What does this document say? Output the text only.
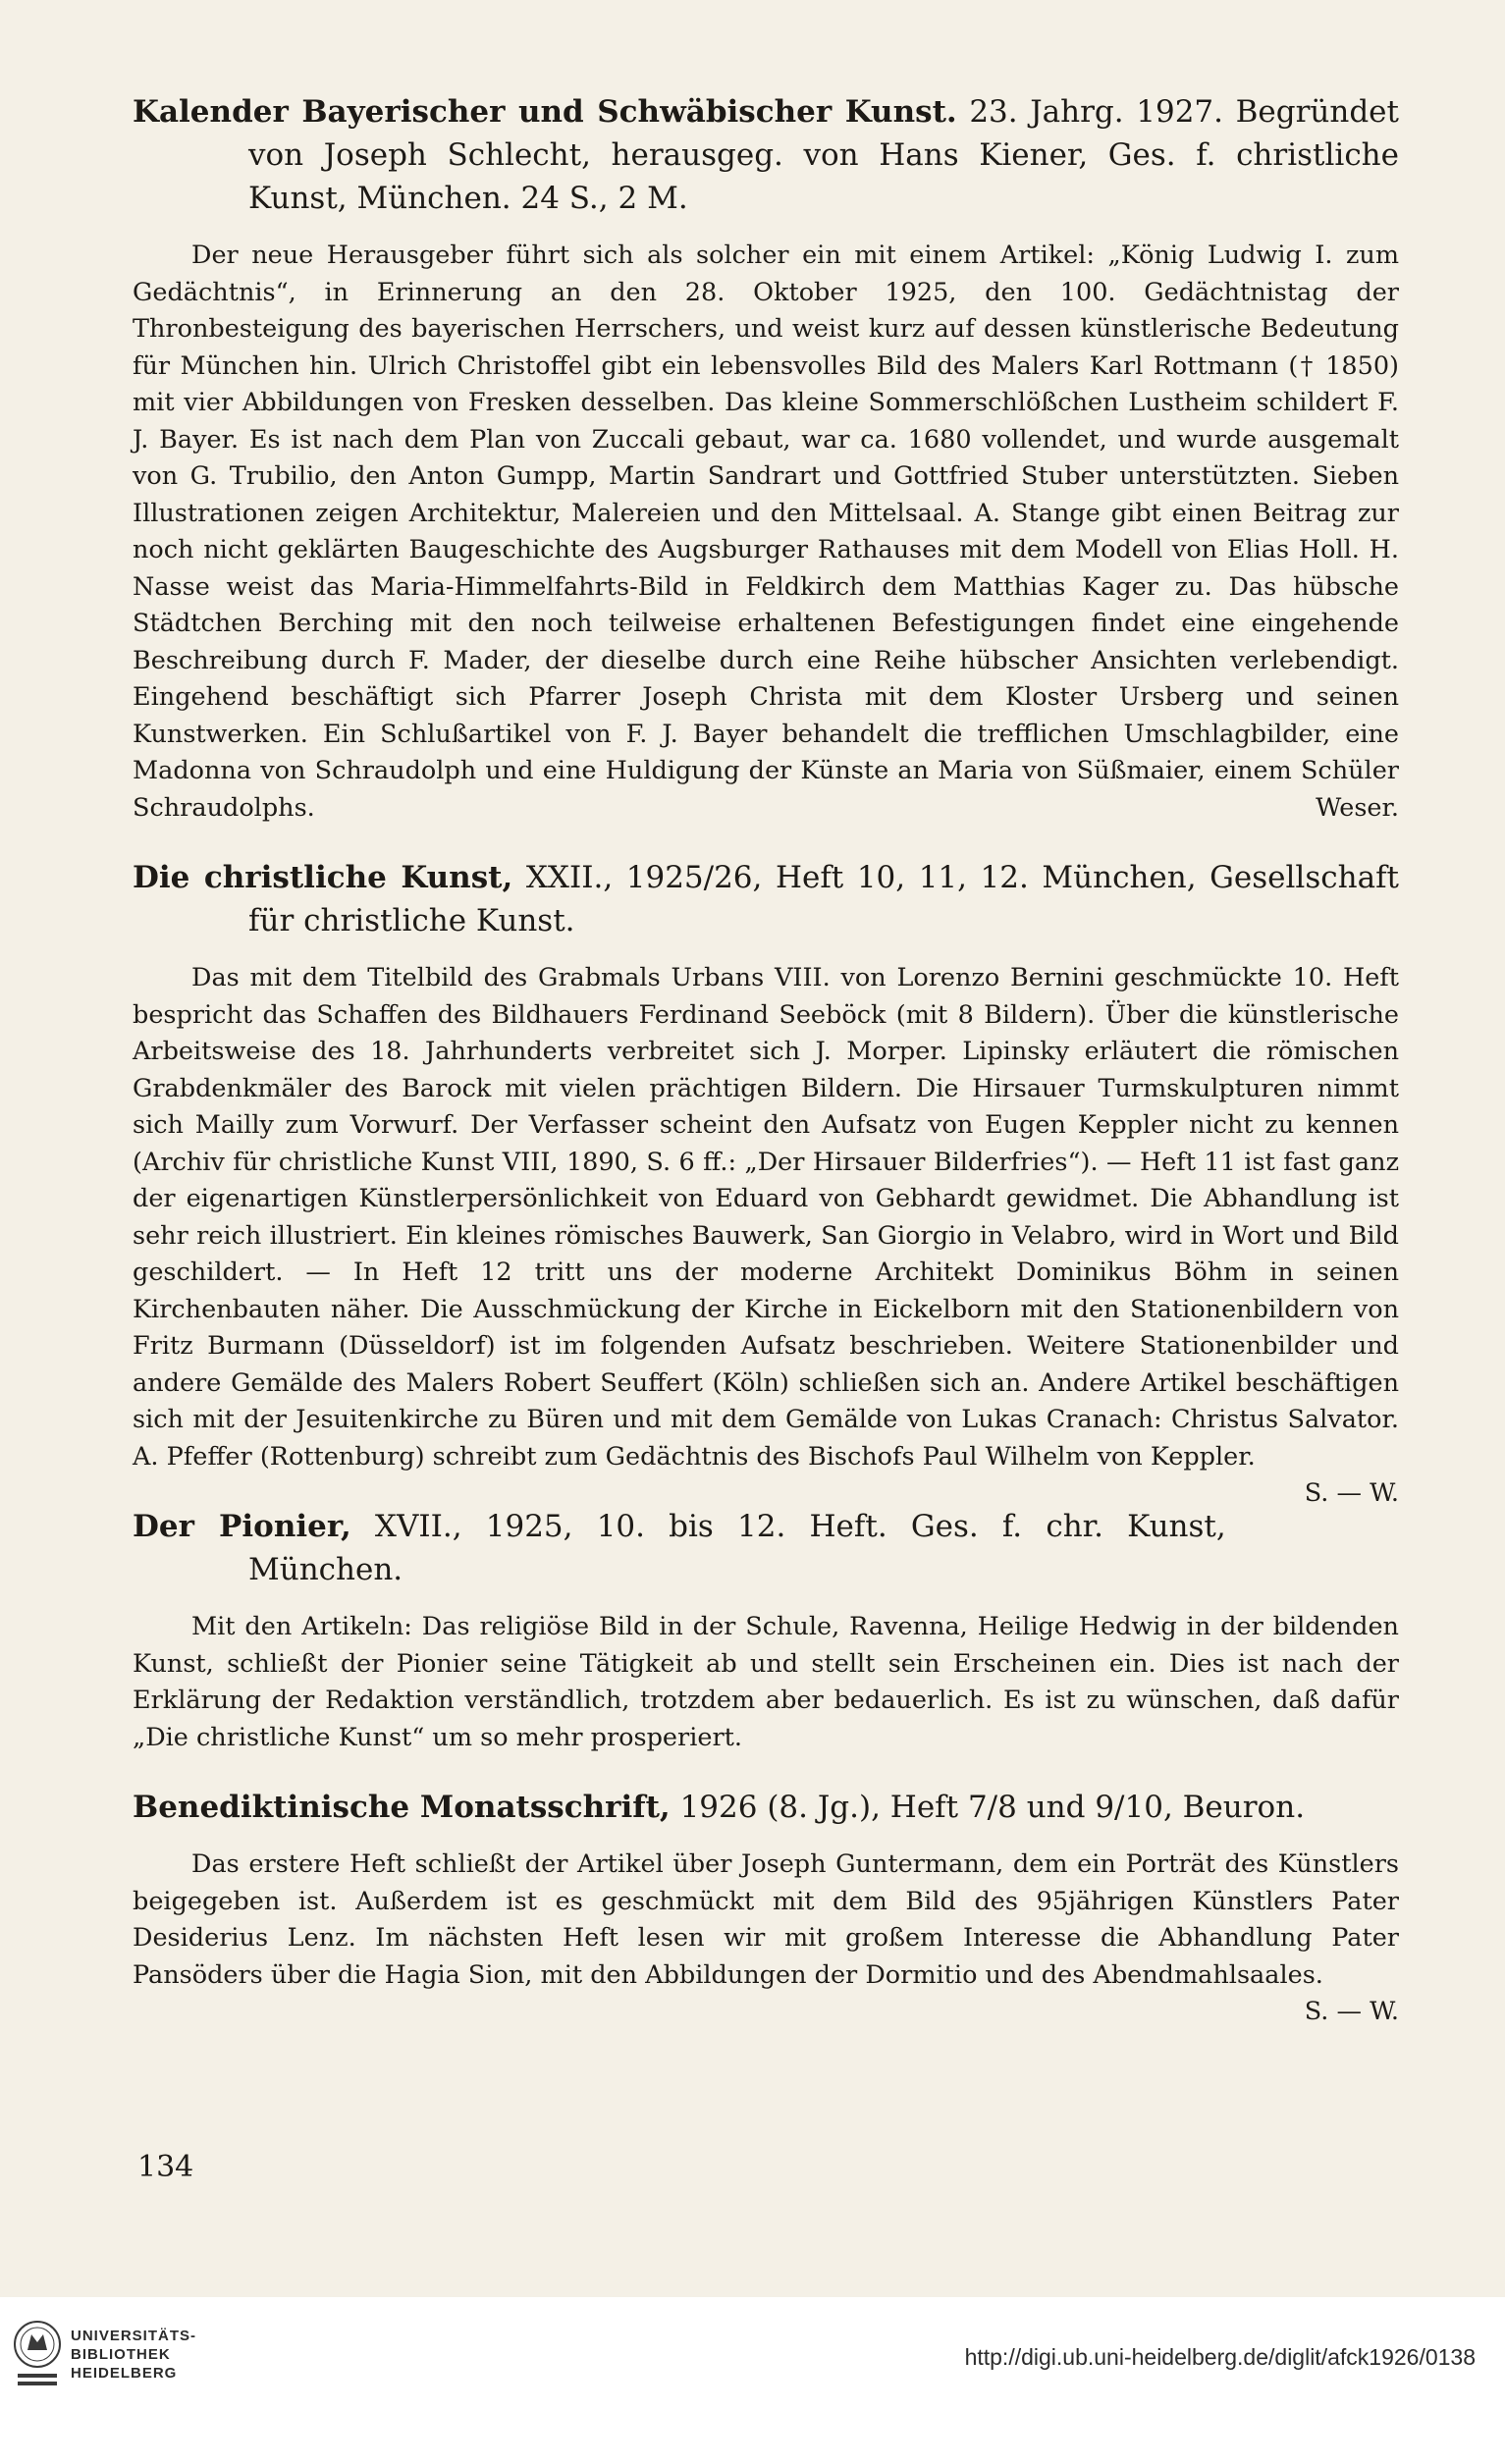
Kalender Bayerischer und Schwäbischer Kunst. 23. Jahrg. 1927. Begründet von Joseph Schlecht, herausgeg. von Hans Kiener, Ges. f. christliche Kunst, München. 24 S., 2 M.

Der neue Herausgeber führt sich als solcher ein mit einem Artikel: „König Ludwig I. zum Gedächtnis“, in Erinnerung an den 28. Oktober 1925, den 100. Gedächtnistag der Thronbesteigung des bayerischen Herrschers, und weist kurz auf dessen künstlerische Bedeutung für München hin. Ulrich Christoffel gibt ein lebensvolles Bild des Malers Karl Rottmann († 1850) mit vier Abbildungen von Fresken desselben. Das kleine Sommerschlößchen Lustheim schildert F. J. Bayer. Es ist nach dem Plan von Zuccali gebaut, war ca. 1680 vollendet, und wurde ausgemalt von G. Trubilio, den Anton Gumpp, Martin Sandrart und Gottfried Stuber unterstützten. Sieben Illustrationen zeigen Architektur, Malereien und den Mittelsaal. A. Stange gibt einen Beitrag zur noch nicht geklärten Baugeschichte des Augsburger Rathauses mit dem Modell von Elias Holl. H. Nasse weist das Maria-Himmelfahrts-Bild in Feldkirch dem Matthias Kager zu. Das hübsche Städtchen Berching mit den noch teilweise erhaltenen Befestigungen findet eine eingehende Beschreibung durch F. Mader, der dieselbe durch eine Reihe hübscher Ansichten verlebendigt. Eingehend beschäftigt sich Pfarrer Joseph Christa mit dem Kloster Ursberg und seinen Kunstwerken. Ein Schlußartikel von F. J. Bayer behandelt die trefflichen Umschlagbilder, eine Madonna von Schraudolph und eine Huldigung der Künste an Maria von Süßmaier, einem Schüler Schraudolphs.	Weser.

Die christliche Kunst, XXII., 1925/26, Heft 10, 11, 12. München, Gesellschaft für christliche Kunst.

Das mit dem Titelbild des Grabmals Urbans VIII. von Lorenzo Bernini geschmückte 10. Heft bespricht das Schaffen des Bildhauers Ferdinand Seeböck (mit 8 Bildern). Über die künstlerische Arbeitsweise des 18. Jahrhunderts verbreitet sich J. Morper. Lipinsky erläutert die römischen Grabdenkmäler des Barock mit vielen prächtigen Bildern. Die Hirsauer Turmskulpturen nimmt sich Mailly zum Vorwurf. Der Verfasser scheint den Aufsatz von Eugen Keppler nicht zu kennen (Archiv für christliche Kunst VIII, 1890, S. 6 ff.: „Der Hirsauer Bilderfries“). — Heft 11 ist fast ganz der eigenartigen Künstlerpersönlichkeit von Eduard von Gebhardt gewidmet. Die Abhandlung ist sehr reich illustriert. Ein kleines römisches Bauwerk, San Giorgio in Velabro, wird in Wort und Bild geschildert. — In Heft 12 tritt uns der moderne Architekt Dominikus Böhm in seinen Kirchenbauten näher. Die Ausschmückung der Kirche in Eickelborn mit den Stationenbildern von Fritz Burmann (Düsseldorf) ist im folgenden Aufsatz beschrieben. Weitere Stationenbilder und andere Gemälde des Malers Robert Seuffert (Köln) schließen sich an. Andere Artikel beschäftigen sich mit der Jesuitenkirche zu Büren und mit dem Gemälde von Lukas Cranach: Christus Salvator. A. Pfeffer (Rottenburg) schreibt zum Gedächtnis des Bischofs Paul Wilhelm von Keppler.
S. — W.

Der Pionier, XVII., 1925, 10. bis 12. Heft. Ges. f. chr. Kunst, München.

Mit den Artikeln: Das religiöse Bild in der Schule, Ravenna, Heilige Hedwig in der bildenden Kunst, schließt der Pionier seine Tätigkeit ab und stellt sein Erscheinen ein. Dies ist nach der Erklärung der Redaktion verständlich, trotzdem aber bedauerlich. Es ist zu wünschen, daß dafür „Die christliche Kunst“ um so mehr prosperiert.

Benediktinische Monatsschrift, 1926 (8. Jg.), Heft 7/8 und 9/10, Beuron.

Das erstere Heft schließt der Artikel über Joseph Guntermann, dem ein Porträt des Künstlers beigegeben ist. Außerdem ist es geschmückt mit dem Bild des 95jährigen Künstlers Pater Desiderius Lenz. Im nächsten Heft lesen wir mit großem Interesse die Abhandlung Pater Pansöders über die Hagia Sion, mit den Abbildungen der Dormitio und des Abendmahlsaales.
S. — W.

134
UNIVERSITÄTS-
BIBLIOTHEK
HEIDELBERG
http://digi.ub.uni-heidelberg.de/diglit/afck1926/0138
